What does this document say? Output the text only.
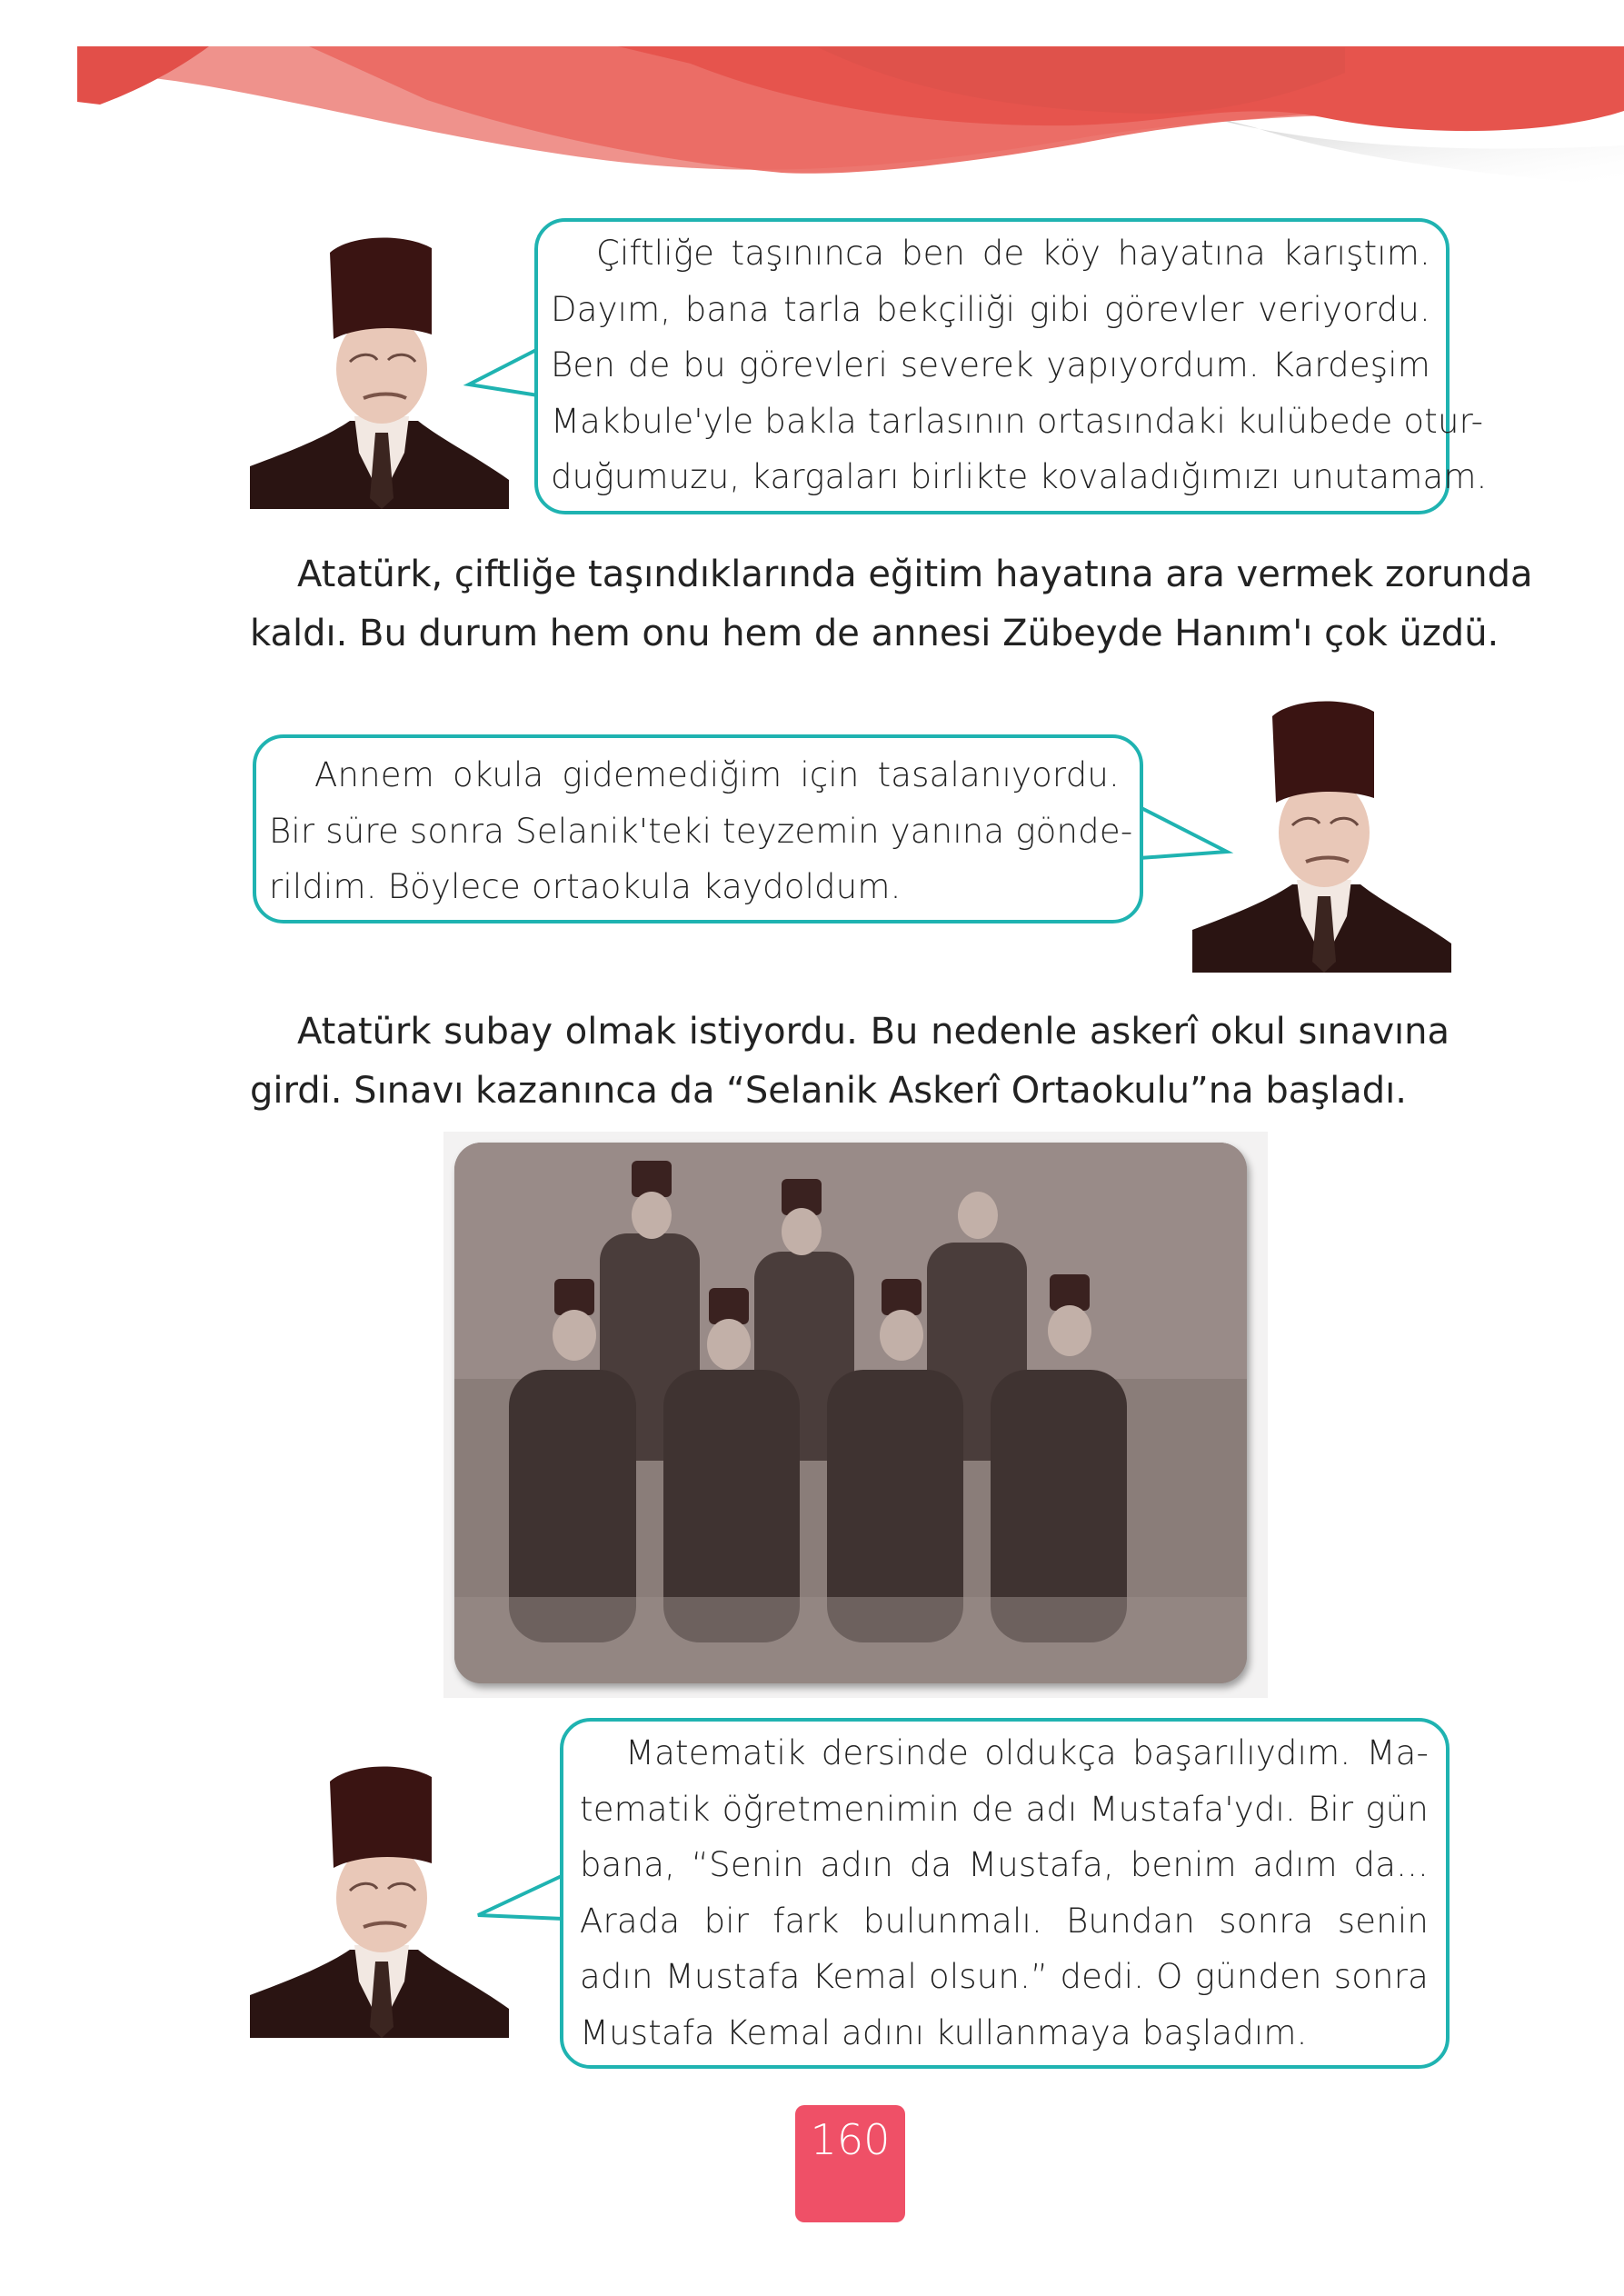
Çiftliğe taşınınca ben de köy hayatına karıştım.
Dayım, bana tarla bekçiliği gibi görevler veriyordu.
Ben de bu görevleri severek yapıyordum. Kardeşim
Makbule'yle bakla tarlasının ortasındaki kulübede otur-
duğumuzu, kargaları birlikte kovaladığımızı unutamam.
Atatürk, çiftliğe taşındıklarında eğitim hayatına ara vermek zorunda
kaldı. Bu durum hem onu hem de annesi Zübeyde Hanım'ı çok üzdü.
Annem okula gidemediğim için tasalanıyordu.
Bir süre sonra Selanik'teki teyzemin yanına gönde-
rildim. Böylece ortaokula kaydoldum.
Atatürk subay olmak istiyordu. Bu nedenle askerî okul sınavına
girdi. Sınavı kazanınca da “Selanik Askerî Ortaokulu”na başladı.
Matematik dersinde oldukça başarılıydım. Ma-
tematik öğretmenimin de adı Mustafa'ydı. Bir gün
bana, “Senin adın da Mustafa, benim adım da...
Arada bir fark bulunmalı. Bundan sonra senin
adın Mustafa Kemal olsun.” dedi. O günden sonra
Mustafa Kemal adını kullanmaya başladım.
160
